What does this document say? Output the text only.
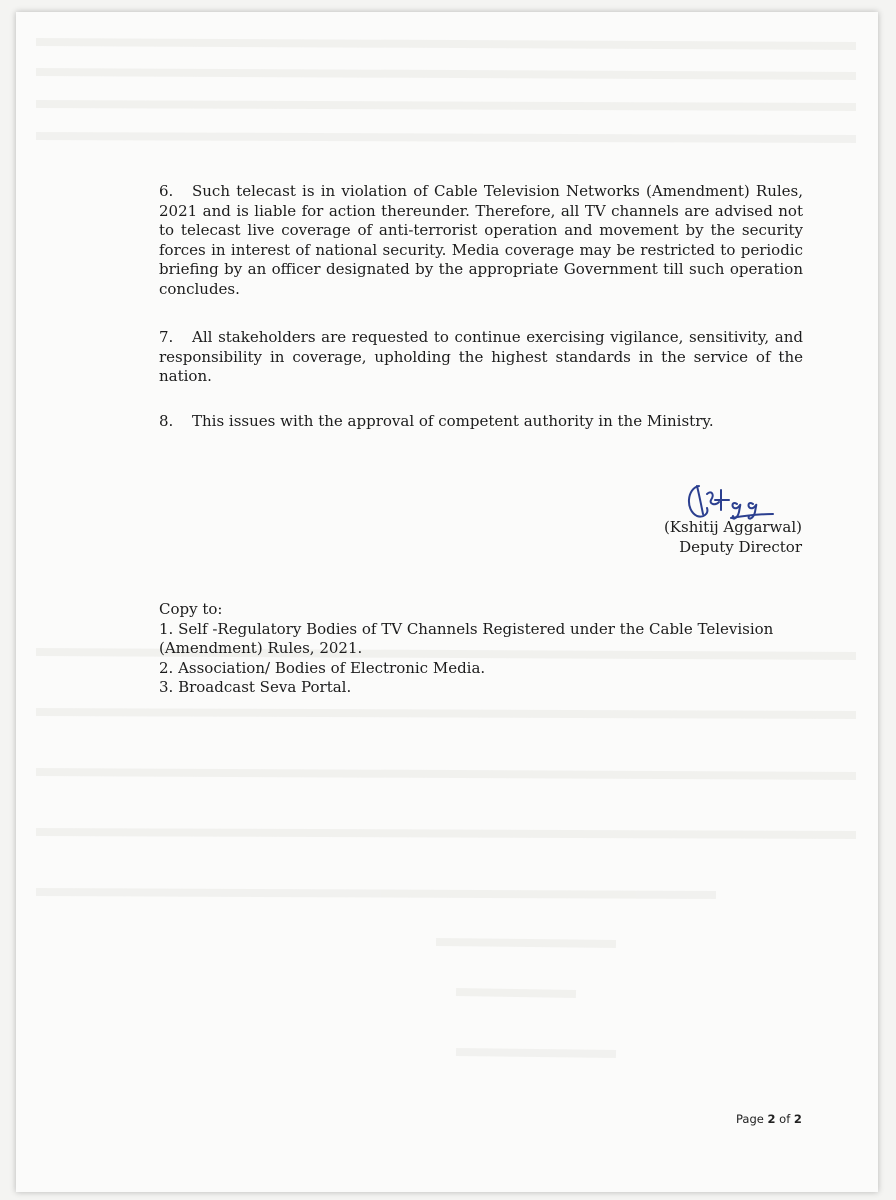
6. Such telecast is in violation of Cable Television Networks (Amendment) Rules, 2021 and is liable for action thereunder. Therefore, all TV channels are advised not to telecast live coverage of anti-terrorist operation and movement by the security forces in interest of national security. Media coverage may be restricted to periodic briefing by an officer designated by the appropriate Government till such operation concludes.
7. All stakeholders are requested to continue exercising vigilance, sensitivity, and responsibility in coverage, upholding the highest standards in the service of the nation.
8. This issues with the approval of competent authority in the Ministry.
(Kshitij Aggarwal)
Deputy Director
Copy to:
1. Self -Regulatory Bodies of TV Channels Registered under the Cable Television (Amendment) Rules, 2021.
2. Association/ Bodies of Electronic Media.
3. Broadcast Seva Portal.
Page 2 of 2
